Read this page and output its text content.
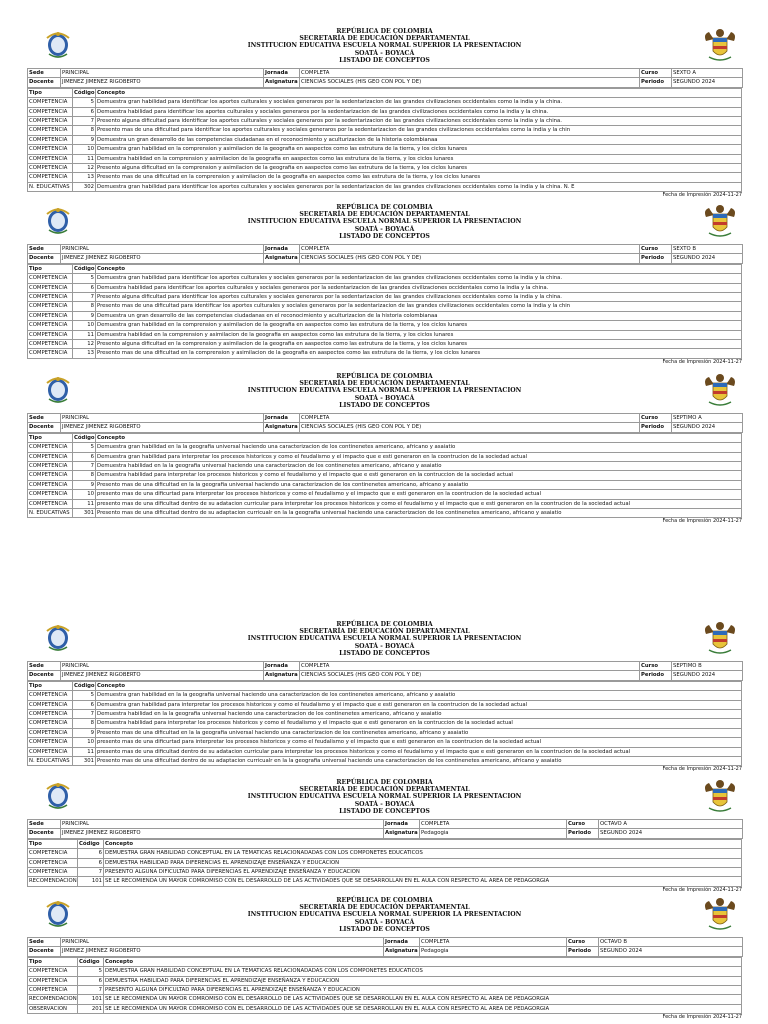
REPÚBLICA DE COLOMBIA
SECRETARÍA DE EDUCACIÓN DEPARTAMENTAL
INSTITUCION EDUCATIVA ESCUELA NORMAL SUPERIOR LA PRESENTACION
SOATÁ - BOYACÁ
LISTADO DE CONCEPTOS
Sede	PRINCIPAL	Jornada	COMPLETA	Curso	SEXTO A
Docente	JIMENEZ JIMENEZ RIGOBERTO	Asignatura	CIENCIAS SOCIALES (HIS GEO CON POL Y DE)	Periodo	SEGUNDO 2024
Tipo	Código	Concepto
COMPETENCIA	5	Demuestra gran habilidad para identificar los aportes culturales y sociales generaros por la sedentarizacion de las grandes civilizaciones occidentales como la india y la china.
COMPETENCIA	6	Demuestra habilidad para identificar los aportes culturales y sociales generaros por la sedentarizacion de las grandes civilizaciones occidentales como la india y la china.
COMPETENCIA	7	Presento alguna dificultad para identificar los aportes culturales y sociales generaros por la sedentarizacion de las grandes civilizaciones occidentales como la india y la china.
COMPETENCIA	8	Presento mas de una dificultad para identificar los aportes culturales y sociales generaros por la sedentarizacion de las grandes civilizaciones occidentales como la india y la chin
COMPETENCIA	9	Demuestra un gran desarrollo de las competencias ciudadanas en el reconocimiento y aculturizacion de la historia colombianaa
COMPETENCIA	10	Demuestra gran habilidad en la comprension y asimilacion de la geografia en aaspectos como las estrutura de la tierra, y los ciclos lunares
COMPETENCIA	11	Demuestra habilidad en la comprension y asimilacion de la geografia en aaspectos como las estrutura de la tierra, y los ciclos lunares
COMPETENCIA	12	Presento alguna dificultad en la comprension y asimilacion de la geografia en aaspectos como las estrutura de la tierra, y los ciclos lunares
COMPETENCIA	13	Presento mas de una dificultad en la comprension y asimilacion de la geografia en aaspectos como las estrutura de la tierra, y los ciclos lunares
N. EDUCATIVAS	302	Demuestra gran habilidad para identificar los aportes culturales y sociales generaros por la sedentarizacion de las grandes civilizaciones occidentales como la india y la china. N. E
Fecha de Impresión 2024-11-27
REPÚBLICA DE COLOMBIA
SECRETARÍA DE EDUCACIÓN DEPARTAMENTAL
INSTITUCION EDUCATIVA ESCUELA NORMAL SUPERIOR LA PRESENTACION
SOATÁ - BOYACÁ
LISTADO DE CONCEPTOS
Sede	PRINCIPAL	Jornada	COMPLETA	Curso	SEXTO B
Docente	JIMENEZ JIMENEZ RIGOBERTO	Asignatura	CIENCIAS SOCIALES (HIS GEO CON POL Y DE)	Periodo	SEGUNDO 2024
Tipo	Código	Concepto
COMPETENCIA	5	Demuestra gran habilidad para identificar los aportes culturales y sociales generaros por la sedentarizacion de las grandes civilizaciones occidentales como la india y la china.
COMPETENCIA	6	Demuestra habilidad para identificar los aportes culturales y sociales generaros por la sedentarizacion de las grandes civilizaciones occidentales como la india y la china.
COMPETENCIA	7	Presento alguna dificultad para identificar los aportes culturales y sociales generaros por la sedentarizacion de las grandes civilizaciones occidentales como la india y la china.
COMPETENCIA	8	Presento mas de una dificultad para identificar los aportes culturales y sociales generaros por la sedentarizacion de las grandes civilizaciones occidentales como la india y la chin
COMPETENCIA	9	Demuestra un gran desarrollo de las competencias ciudadanas en el reconocimiento y aculturizacion de la historia colombianaa
COMPETENCIA	10	Demuestra gran habilidad en la comprension y asimilacion de la geografia en aaspectos como las estrutura de la tierra, y los ciclos lunares
COMPETENCIA	11	Demuestra habilidad en la comprension y asimilacion de la geografia en aaspectos como las estrutura de la tierra, y los ciclos lunares
COMPETENCIA	12	Presento alguna dificultad en la comprension y asimilacion de la geografia en aaspectos como las estrutura de la tierra, y los ciclos lunares
COMPETENCIA	13	Presento mas de una dificultad en la comprension y asimilacion de la geografia en aaspectos como las estrutura de la tierra, y los ciclos lunares
Fecha de Impresión 2024-11-27
REPÚBLICA DE COLOMBIA
SECRETARÍA DE EDUCACIÓN DEPARTAMENTAL
INSTITUCION EDUCATIVA ESCUELA NORMAL SUPERIOR LA PRESENTACION
SOATÁ - BOYACÁ
LISTADO DE CONCEPTOS
Sede	PRINCIPAL	Jornada	COMPLETA	Curso	SEPTIMO A
Docente	JIMENEZ JIMENEZ RIGOBERTO	Asignatura	CIENCIAS SOCIALES (HIS GEO CON POL Y DE)	Periodo	SEGUNDO 2024
Tipo	Código	Concepto
COMPETENCIA	5	Demuestra gran habilidad en la la geografia universal haciendo una caracterizacion de los continenetes americano, africano y asaiatio
COMPETENCIA	6	Demuestra gran habilidad para interpretar los procesos historicos y como el feudalismo y el impacto que e esti generaron en la coontrucion de la sociedad actual
COMPETENCIA	7	Demuestra habilidad en la la geografia universal haciendo una caracterizacion de los continenetes americano, africano y asaiatio
COMPETENCIA	8	Demuestra habilidad para interpretar los procesos historicos y como el feudalismo y el impacto que e esti generaron en la contruccion de la sociedad actual
COMPETENCIA	9	Presento mas de una dificultad en la la geografia universal haciendo una caracterizacion de los continenetes americano, africano y asaiatio
COMPETENCIA	10	presento mas de una dificurtad para interpretar los procesos historicos y como el feudalismo y el impacto que e esti generaron en la coontrucion de la sociedad actual
COMPETENCIA	11	presento mas de una dificultad dentro de su adatacion curricular para interpretar los procesos historicos y como el feudalismo y el impacto que e esti generaron en la coontrucion de la sociedad actual
N. EDUCATIVAS	301	Presento mas de una dificultad dentro de su adaptacion curricualr en la la geografia universal haciendo una caracterizacion de los continenetes americano, africano y asaiatio
Fecha de Impresión 2024-11-27
REPÚBLICA DE COLOMBIA
SECRETARÍA DE EDUCACIÓN DEPARTAMENTAL
INSTITUCION EDUCATIVA ESCUELA NORMAL SUPERIOR LA PRESENTACION
SOATÁ - BOYACÁ
LISTADO DE CONCEPTOS
Sede	PRINCIPAL	Jornada	COMPLETA	Curso	SEPTIMO B
Docente	JIMENEZ JIMENEZ RIGOBERTO	Asignatura	CIENCIAS SOCIALES (HIS GEO CON POL Y DE)	Periodo	SEGUNDO 2024
Tipo	Código	Concepto
COMPETENCIA	5	Demuestra gran habilidad en la la geografia universal haciendo una caracterizacion de los continenetes americano, africano y asaiatio
COMPETENCIA	6	Demuestra gran habilidad para interpretar los procesos historicos y como el feudalismo y el impacto que e esti generaron en la coontrucion de la sociedad actual
COMPETENCIA	7	Demuestra habilidad en la la geografia universal haciendo una caracterizacion de los continenetes americano, africano y asaiatio
COMPETENCIA	8	Demuestra habilidad para interpretar los procesos historicos y como el feudalismo y el impacto que e esti generaron en la contruccion de la sociedad actual
COMPETENCIA	9	Presento mas de una dificultad en la la geografia universal haciendo una caracterizacion de los continenetes americano, africano y asaiatio
COMPETENCIA	10	presento mas de una dificurtad para interpretar los procesos historicos y como el feudalismo y el impacto que e esti generaron en la coontrucion de la sociedad actual
COMPETENCIA	11	presento mas de una dificultad dentro de su adatacion curricular para interpretar los procesos historicos y como el feudalismo y el impacto que e esti generaron en la coontrucion de la sociedad actual
N. EDUCATIVAS	301	Presento mas de una dificultad dentro de su adaptacion curricualr en la la geografia universal haciendo una caracterizacion de los continenetes americano, africano y asaiatio
Fecha de Impresión 2024-11-27
REPÚBLICA DE COLOMBIA
SECRETARÍA DE EDUCACIÓN DEPARTAMENTAL
INSTITUCION EDUCATIVA ESCUELA NORMAL SUPERIOR LA PRESENTACION
SOATÁ - BOYACÁ
LISTADO DE CONCEPTOS
Sede	PRINCIPAL	Jornada	COMPLETA	Curso	OCTAVO A
Docente	JIMENEZ JIMENEZ RIGOBERTO	Asignatura	Pedagogia	Periodo	SEGUNDO 2024
Tipo	Código	Concepto
COMPETENCIA	6	DEMUESTRA GRAN HABILIDAD CONCEPTUAL EN LA TEMATICAS RELACIONADADAS CON LOS COMPONETES EDUCATICOS
COMPETENCIA	6	DEMUESTRA HABILIDAD PARA DIFERENCIAS EL APRENDIZAJE ENSEÑANZA Y EDUCACION
COMPETENCIA	7	PRESENTO ALGUNA DIFICULTAD PARA DIFERENCIAS EL APRENDIZAJE ENSEÑANZA Y EDUCACION
RECOMENDACION	101	SE LE RECOMIENDA UN MAYOR COMROMISO CON EL DESARROLLO DE LAS ACTIVIDADES QUE SE DESARROLLAN EN EL AULA CON RESPECTO AL AREA DE PEDAGORGIA
Fecha de Impresión 2024-11-27
REPÚBLICA DE COLOMBIA
SECRETARÍA DE EDUCACIÓN DEPARTAMENTAL
INSTITUCION EDUCATIVA ESCUELA NORMAL SUPERIOR LA PRESENTACION
SOATÁ - BOYACÁ
LISTADO DE CONCEPTOS
Sede	PRINCIPAL	Jornada	COMPLETA	Curso	OCTAVO B
Docente	JIMENEZ JIMENEZ RIGOBERTO	Asignatura	Pedagogia	Periodo	SEGUNDO 2024
Tipo	Código	Concepto
COMPETENCIA	5	DEMUESTRA GRAN HABILIDAD CONCEPTUAL EN LA TEMATICAS RELACIONADADAS CON LOS COMPONETES EDUCATICOS
COMPETENCIA	6	DEMUESTRA HABILIDAD PARA DIFERENCIAS EL APRENDIZAJE ENSEÑANZA Y EDUCACION
COMPETENCIA	7	PRESENTO ALGUNA DIFICULTAD PARA DIFERENCIAS EL APRENDIZAJE ENSEÑANZA Y EDUCACION
RECOMENDACION	101	SE LE RECOMIENDA UN MAYOR COMROMISO CON EL DESARROLLO DE LAS ACTIVIDADES QUE SE DESARROLLAN EN EL AULA CON RESPECTO AL AREA DE PEDAGORGIA
OBSERVACION	201	SE LE RECOMIENDA UN MAYOR COMROMISO CON EL DESARROLLO DE LAS ACTIVIDADES QUE SE DESARROLLAN EN EL AULA CON RESPECTO AL AREA DE PEDAGORGIA
Fecha de Impresión 2024-11-27
